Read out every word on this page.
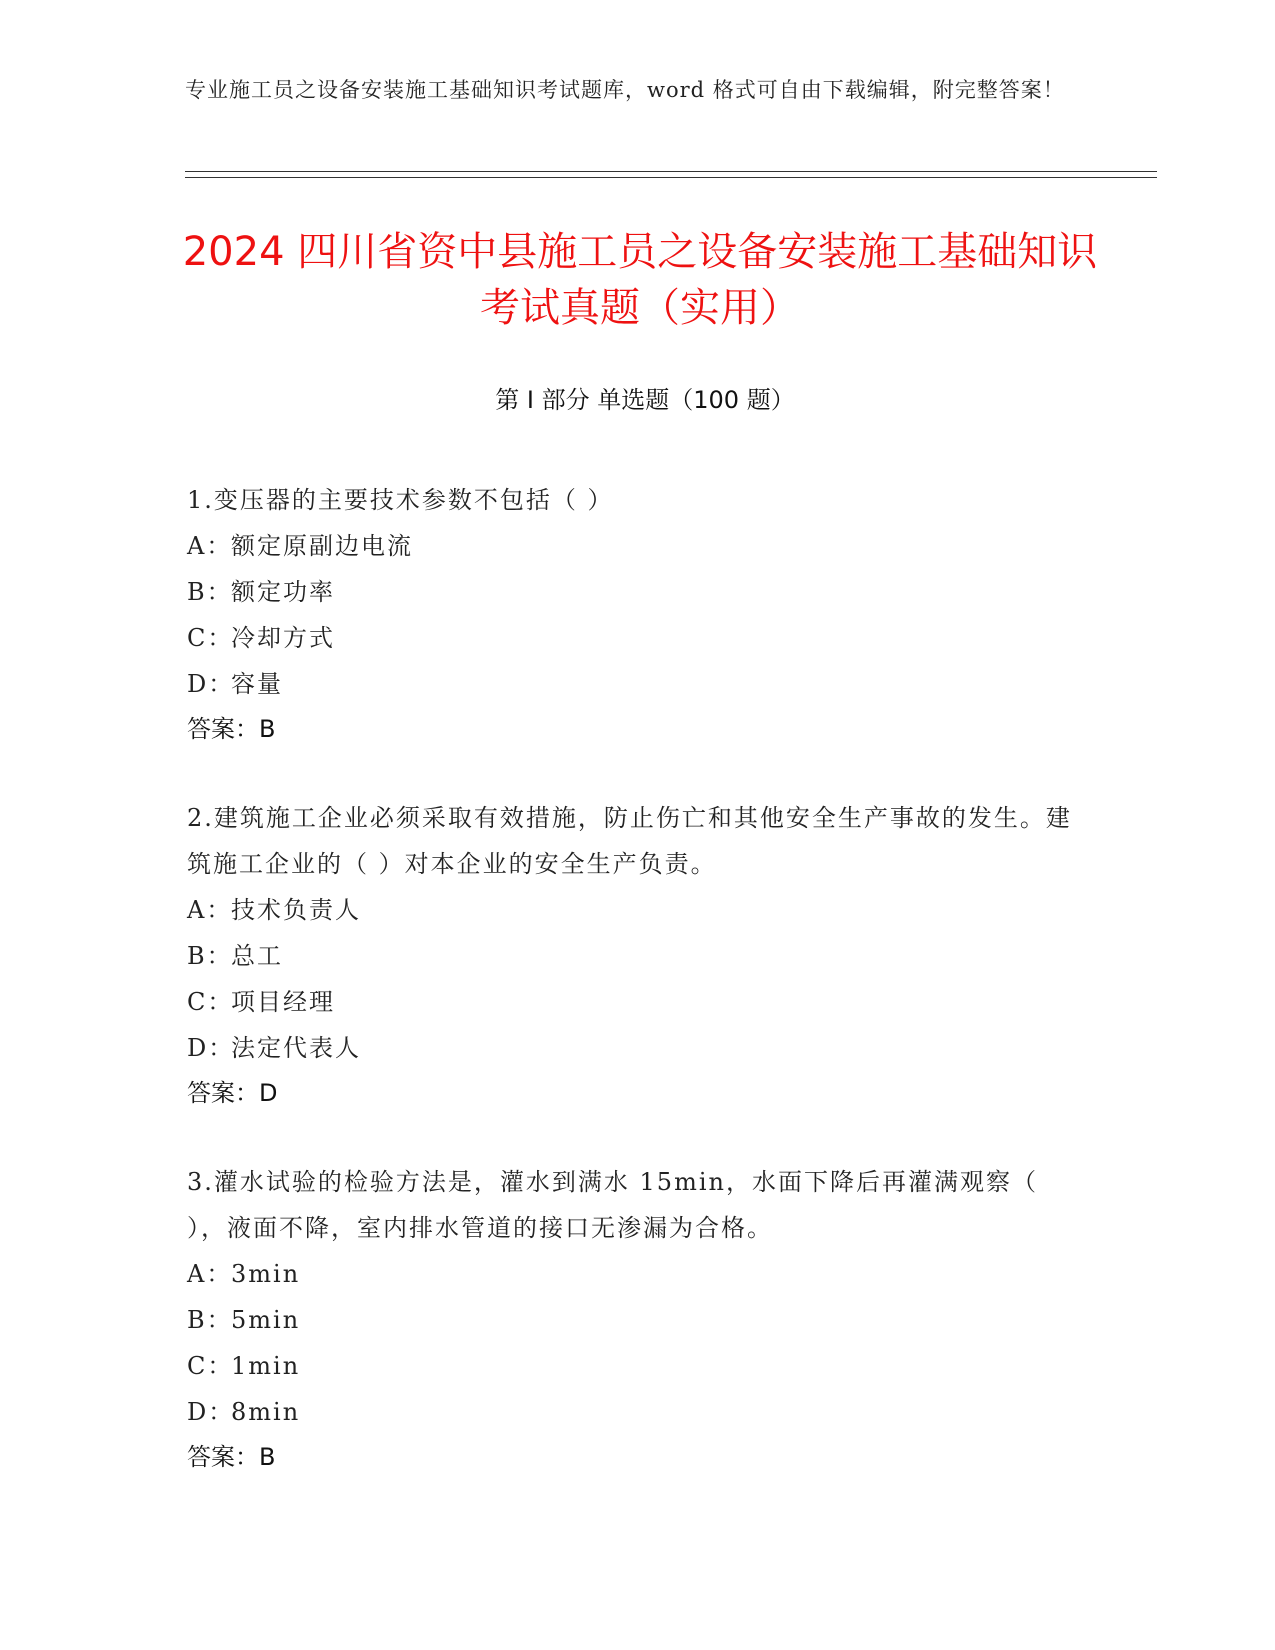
专业施工员之设备安装施工基础知识考试题库，word 格式可自由下载编辑，附完整答案！
2024 四川省资中县施工员之设备安装施工基础知识考试真题（实用）
第 I 部分 单选题（100 题）

1.变压器的主要技术参数不包括（ ）

A：额定原副边电流

B：额定功率

C：冷却方式

D：容量

答案：B

2.建筑施工企业必须采取有效措施，防止伤亡和其他安全生产事故的发生。建筑施工企业的（ ）对本企业的安全生产负责。

A：技术负责人

B：总工

C：项目经理

D：法定代表人

答案：D

3.灌水试验的检验方法是，灌水到满水 15min，水面下降后再灌满观察（ ），液面不降，室内排水管道的接口无渗漏为合格。

A：3min

B：5min

C：1min

D：8min

答案：B
